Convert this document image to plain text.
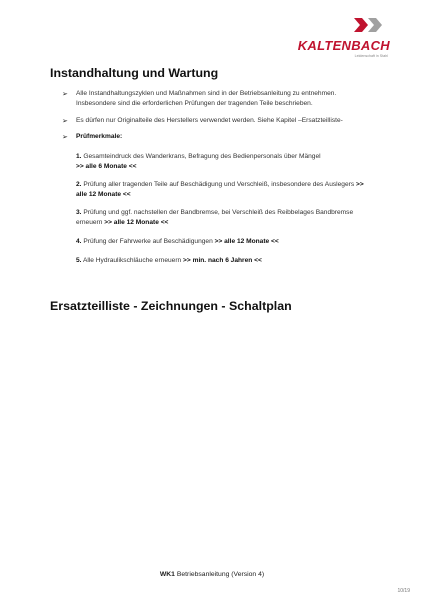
KALTENBACH
Leidenschaft in Stahl
Instandhaltung und Wartung
➢ Alle Instandhaltungszyklen und Maßnahmen sind in der Betriebsanleitung zu entnehmen. Insbesondere sind die erforderlichen Prüfungen der tragenden Teile beschrieben.
➢ Es dürfen nur Originalteile des Herstellers verwendet werden. Siehe Kapitel –Ersatzteilliste-
➢ Prüfmerkmale:
1. Gesamteindruck des Wanderkrans, Befragung des Bedienpersonals über Mängel
>> alle 6 Monate <<
2. Prüfung aller tragenden Teile auf Beschädigung und Verschleiß, insbesondere des Auslegers >> alle 12 Monate <<
3. Prüfung und ggf. nachstellen der Bandbremse, bei Verschleiß des Reibbelages Bandbremse erneuern >> alle 12 Monate <<
4. Prüfung der Fahrwerke auf Beschädigungen >> alle 12 Monate <<
5. Alle Hydraulikschläuche erneuern >> min. nach 6 Jahren <<
Ersatzteilliste - Zeichnungen - Schaltplan
WK1 Betriebsanleitung (Version 4)
10/19
